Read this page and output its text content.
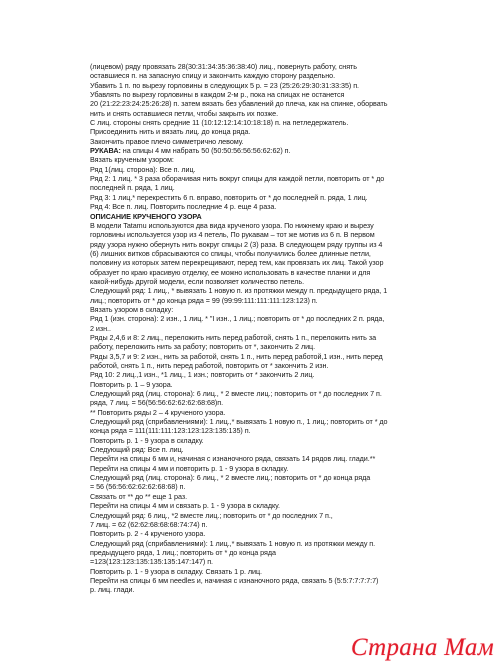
(лицевом) ряду провязать 28(30:31:34:35:36:38:40) лиц., повернуть работу, снять
оставшиеся п. на запасную спицу и закончить каждую сторону раздельно.
Убавить 1 п. по вырезу горловины в следующих 5 р. = 23 (25:26:29:30:31:33:35) п.
Убавлять по вырезу горловины в каждом 2-м р., пока на спицах не останется
20 (21:22:23:24:25:26:28) п. затем вязать без убавлений до плеча, как на спинке, оборвать
нить и снять оставшиеся петли, чтобы закрыть их позже.
С лиц. стороны снять средние 11 (10:12:12:14:10:18:18) п. на петледержатель.
Присоединить нить и вязать лиц. до конца ряда.
Закончить правое плечо симметрично левому.
РУКАВА: на спицы 4 мм набрать 50 (50:50:56:56:56:62:62) п.
Вязать крученым узором:
Ряд 1(лиц. сторона): Все п. лиц.
Ряд 2: 1 лиц. * 3 раза оборачивая нить вокруг спицы для каждой петли, повторить от * до
последней п. ряда, 1 лиц.
Ряд 3: 1 лиц.* перекрестить 6 п. вправо, повторить от * до последней п. ряда, 1 лиц.
Ряд 4: Все п. лиц. Повторить последние 4 р. еще 4 раза.
ОПИСАНИЕ КРУЧЕНОГО УЗОРА
В модели Tatamu используются два вида крученого узора. По нижнему краю и вырезу
горловины используется узор из 4 петель, По рукавам – тот же мотив из 6 п. В первом
ряду узора нужно обернуть нить вокруг спицы 2 (3) раза. В следующем ряду группы из 4
(6) лишних витков сбрасываются со спицы, чтобы получились более длинные петли,
половину из которых затем перекрещивают, перед тем, как провязать их лиц. Такой узор
образует по краю красивую отделку, ее можно использовать в качестве планки и для
какой-нибудь другой модели, если позволяет количество петель.
Следующий ряд: 1 лиц., * вывязать 1 новую п. из протяжки между п. предыдущего ряда, 1
лиц.; повторить от * до конца ряда = 99 (99:99:111:111:111:123:123) п.
Вязать узором в складку:
Ряд 1 (изн. сторона): 2 изн., 1 лиц. * "I изн., 1 лиц.; повторить от * до последних 2 п. ряда,
2 изн..
Ряды 2,4,6 и 8: 2 лиц., переложить нить перед работой, снять 1 п., переложить нить за
работу, переложить нить за работу; повторить от *, закончить 2 лиц.
Ряды 3,5,7 и 9: 2 изн., нить за работой, снять 1 п., нить перед работой,1 изн., нить перед
работой, снять 1 п., нить перед работой, повторить от * закончить 2 изн.
Ряд 10: 2 лиц.,1 изн., *1 лиц., 1 изн.; повторить от * закончить 2 лиц.
Повторить р. 1 – 9 узора.
Следующий ряд (лиц. сторона): 6 лиц., * 2 вместе лиц.; повторить от * до последних 7 п.
ряда, 7 лиц. = 56(56:56:62:62:62:68:68)п.
** Повторить ряды 2 – 4 крученого узора.
Следующий ряд (сприбавлениями): 1 лиц.,* вывязать 1 новую п., 1 лиц.; повторить от * до
конца ряда = 111(111:111:123:123:123:135:135) п.
Повторить р. 1 - 9 узора в складку.
Следующий ряд: Все п. лиц.
Перейти на спицы 6 мм и, начиная с изнаночного ряда, связать 14 рядов лиц. глади.**
Перейти на спицы 4 мм и повторить р. 1 - 9 узора в складку.
Следующий ряд (лиц. сторона): 6 лиц., * 2 вместе лиц.; повторить от * до конца ряда
= 56 (56:56:62:62:62:68:68) п.
Связать от ** до ** еще 1 раз.
Перейти на спицы 4 мм и связать р. 1 - 9 узора в складку.
Следующий ряд: 6 лиц., *2 вместе лиц.; повторить от * до последних 7 п.,
7 лиц. = 62 (62:62:68:68:68:74:74) п.
Повторить р. 2 - 4 крученого узора.
Следующий ряд (сприбавлениями): 1 лиц.,* вывязать 1 новую п. из протяжки между п.
предыдущего ряда, 1 лиц.; повторить от * до конца ряда
=123(123:123:135:135:135:147:147) п.
Повторить р. 1 - 9 узора в складку. Связать 1 р. лиц.
Перейти на спицы 6 мм needles и, начиная с изнаночного ряда, связать 5 (5:5:7:7:7:7:7)
р. лиц. глади.
Страна Мам
